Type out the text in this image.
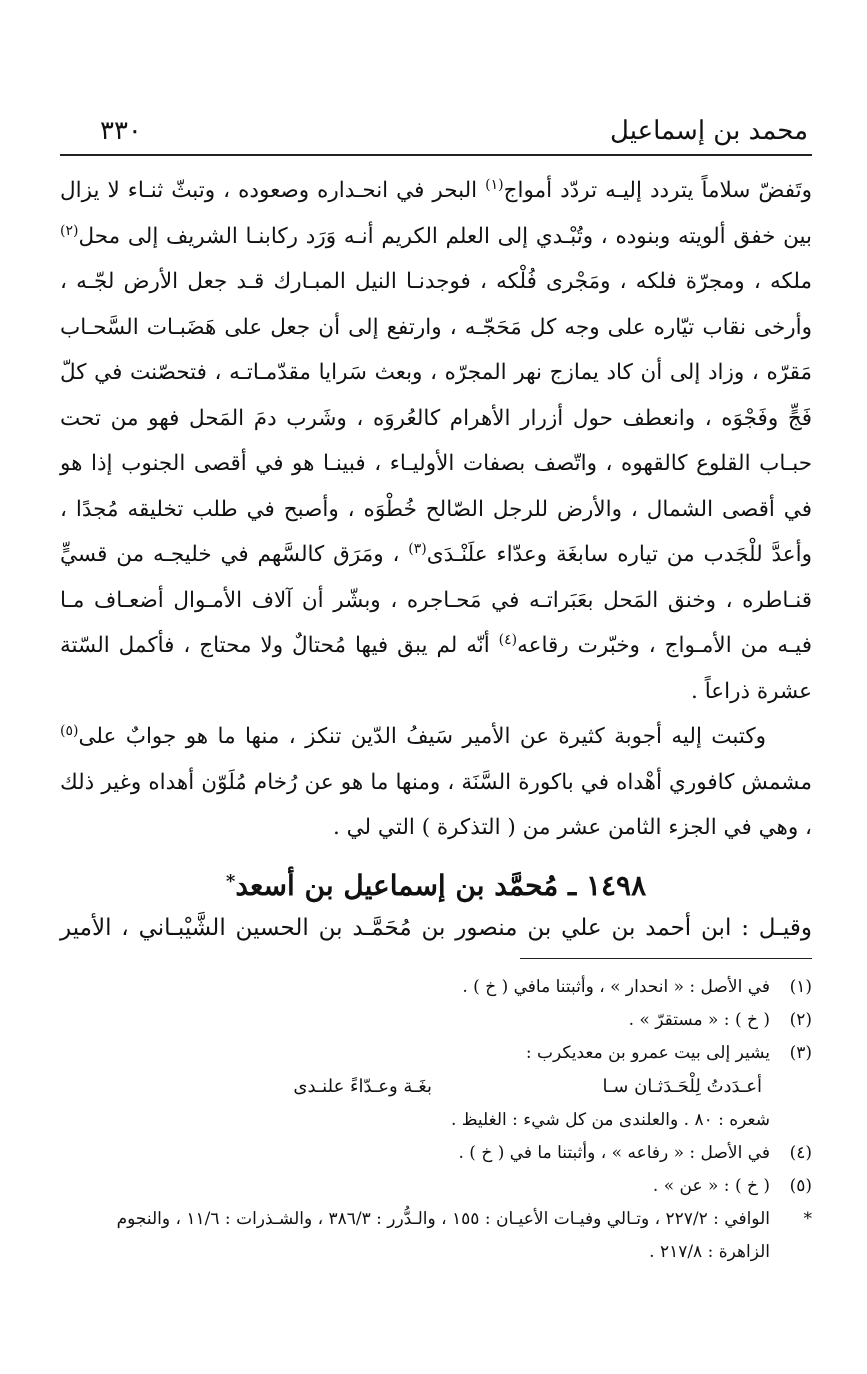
محمد بن إسماعيل
٣٣٠

وتَفضّ سلاماً يتردد إليـه تردّد أمواج$^{(١)}$ البحر في انحـداره وصعوده ، وتبثّ ثنـاء لا يزال بين خفق ألويته وبنوده ، وتُبْـدي إلى العلم الكريم أنـه وَرَد ركابنـا الشريف إلى محل$^{(٢)}$ ملكه ، ومجرّة فلكه ، ومَجْرى فُلْكه ، فوجدنـا النيل المبـارك قـد جعل الأرض لجّـه ، وأرخى نقاب تيّاره على وجه كل مَحَجّـه ، وارتفع إلى أن جعل على هَضَبـات السَّحـاب مَقرّه ، وزاد إلى أن كاد يمازج نهر المجرّه ، وبعث سَرايا مقدّمـاتـه ، فتحصّنت في كلّ فَجٍّ وفَجْوَه ، وانعطف حول أزرار الأهرام كالعُروَه ، وشَرب دمَ المَحل فهو من تحت حبـاب القلوع كالقهوه ، واتّصف بصفات الأوليـاء ، فبينـا هو في أقصى الجنوب إذا هو في أقصى الشمال ، والأرض للرجل الصّالح خُطْوَه ، وأصبح في طلب تخليقه مُجدًا ، وأعدَّ للْجَدب من تياره سابغَة وعدّاء علَنْـدَى$^{(٣)}$ ، ومَرَق كالسَّهم في خليجـه من قسيٍّ قنـاطره ، وخنق المَحل بعَبَراتـه في مَحـاجره ، وبشّر أن آلاف الأمـوال أضعـاف مـا فيـه من الأمـواج ، وخبّرت رقاعه$^{(٤)}$ أنّه لم يبق فيها مُحتالٌ ولا محتاج ، فأكمل السّتة عشرة ذراعاً .

وكتبت إليه أجوبة كثيرة عن الأمير سَيفُ الدّين تنكز ، منها ما هو جوابٌ على$^{(٥)}$ مشمش كافوري أهْداه في باكورة السَّنَة ، ومنها ما هو عن رُخام مُلَوّن أهداه وغير ذلك ، وهي في الجزء الثامن عشر من ( التذكرة ) التي لي .

١٤٩٨ ـ مُحمَّد بن إسماعيل بن أسعد*
وقيـل : ابن أحمد بن علي بن منصور بن مُحَمَّـد بن الحسين الشَّيْبـاني ، الأمير
(١)
في الأصل : « انحدار » ، وأثبتنا مافي ( خ ) .
(٢)
( خ ) : « مستقرّ » .
(٣)
يشير إلى بيت عمرو بن معديكرب :
أعـدَدتُ لِلْحَـدَثـان سـا
بغَـة وعـدّاءً علنـدى
شعره : ٨٠ . والعلندى من كل شيء : الغليظ .
(٤)
في الأصل : « رفاعه » ، وأثبتنا ما في ( خ ) .
(٥)
( خ ) : « عن » .
*
الوافي : ٢٢٧/٢ ، وتـالي وفيـات الأعيـان : ١٥٥ ، والـدُّرر : ٣٨٦/٣ ، والشـذرات : ١١/٦ ، والنجوم
الزاهرة : ٢١٧/٨ .
